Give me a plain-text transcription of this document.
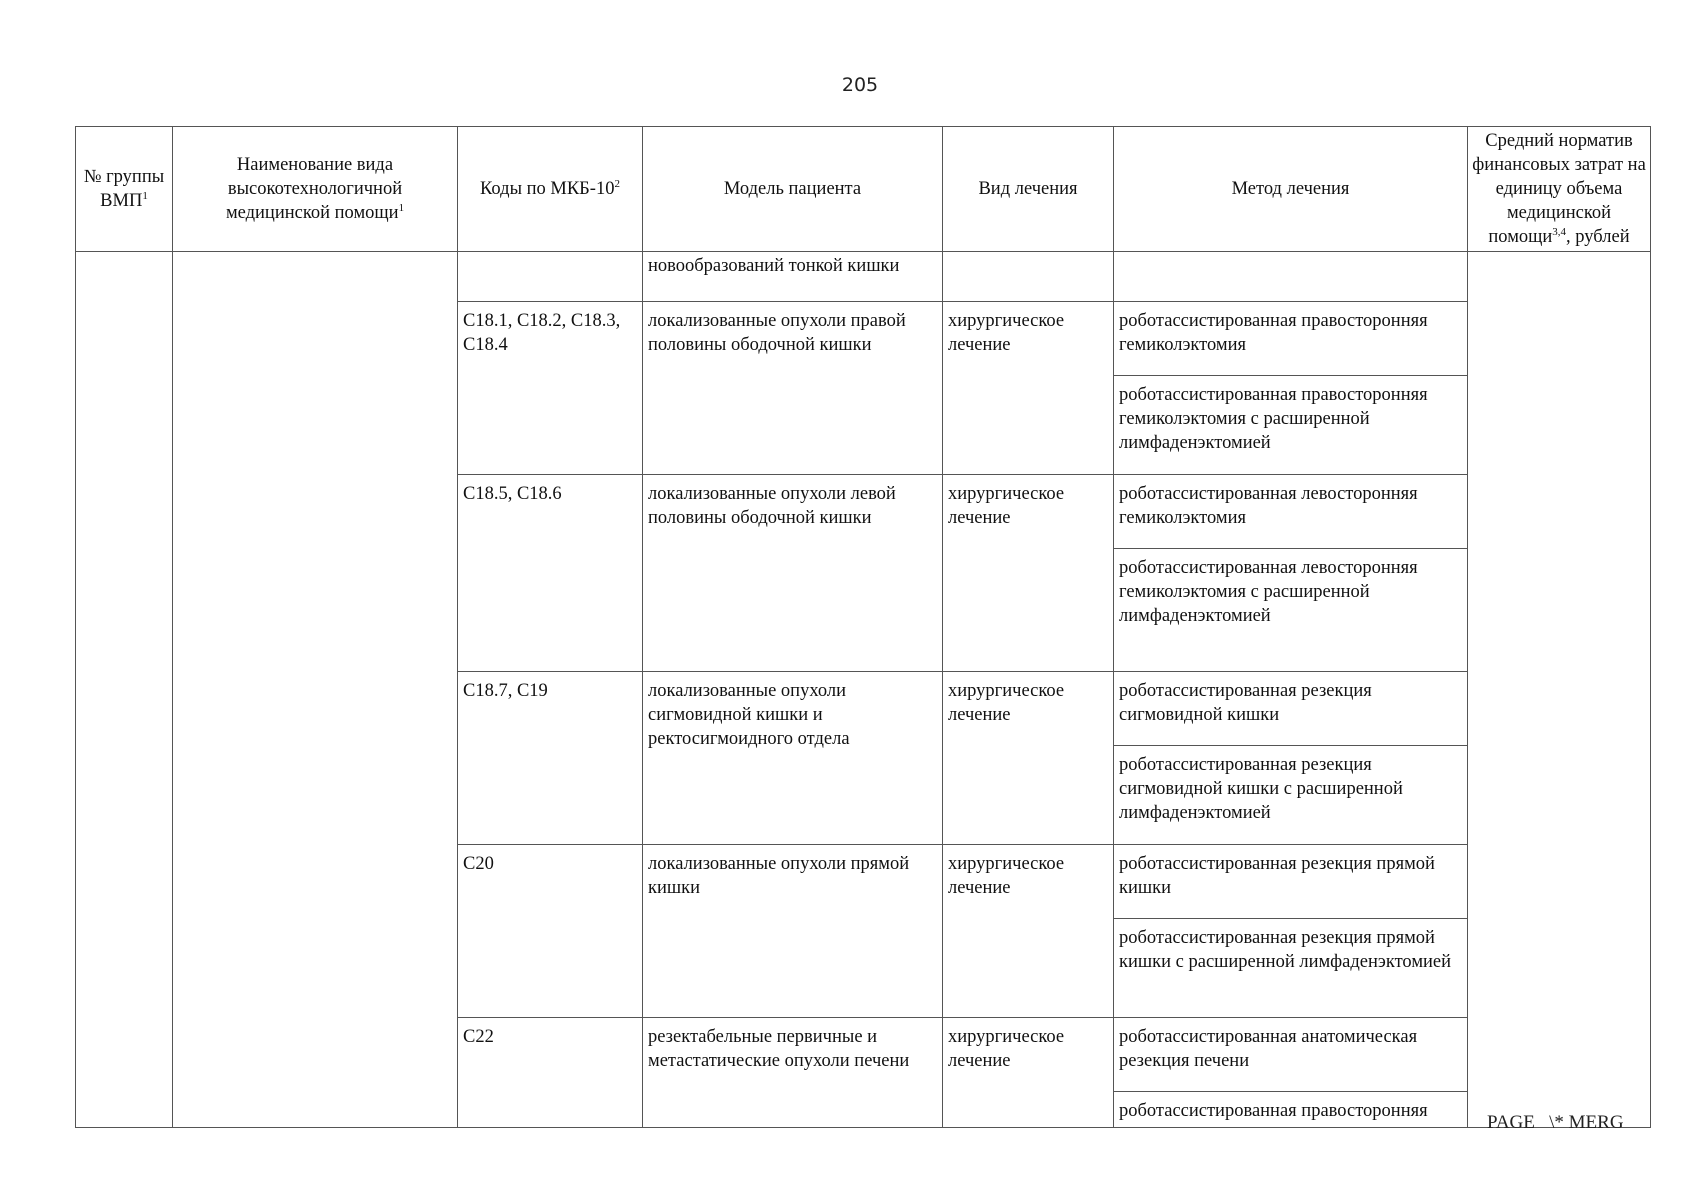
205
№ группы ВМП$^1$	Наименование вида высокотехнологичной медицинской помощи$^1$	Коды по МКБ-$10^2$	Модель пациента	Вид лечения	Метод лечения	Средний норматив финансовых затрат на единицу объема медицинской помощи$^{3,4}$, рублей
			новообразований тонкой кишки			
		C18.1, C18.2, C18.3, C18.4	локализованные опухоли правой половины ободочной кишки	хирургическое лечение	роботассистированная правосторонняя гемиколэктомия	
					роботассистированная правосторонняя гемиколэктомия с расширенной лимфаденэктомией	
		C18.5, C18.6	локализованные опухоли левой половины ободочной кишки	хирургическое лечение	роботассистированная левосторонняя гемиколэктомия	
					роботассистированная левосторонняя гемиколэктомия с расширенной лимфаденэктомией	
		C18.7, C19	локализованные опухоли сигмовидной кишки и ректосигмоидного отдела	хирургическое лечение	роботассистированная резекция сигмовидной кишки	
					роботассистированная резекция сигмовидной кишки с расширенной лимфаденэктомией	
		C20	локализованные опухоли прямой кишки	хирургическое лечение	роботассистированная резекция прямой кишки	
					роботассистированная резекция прямой кишки с расширенной лимфаденэктомией	
		C22	резектабельные первичные и метастатические опухоли печени	хирургическое лечение	роботассистированная анатомическая резекция печени	
					роботассистированная правосторонняя	
PAGE   \* MERG
